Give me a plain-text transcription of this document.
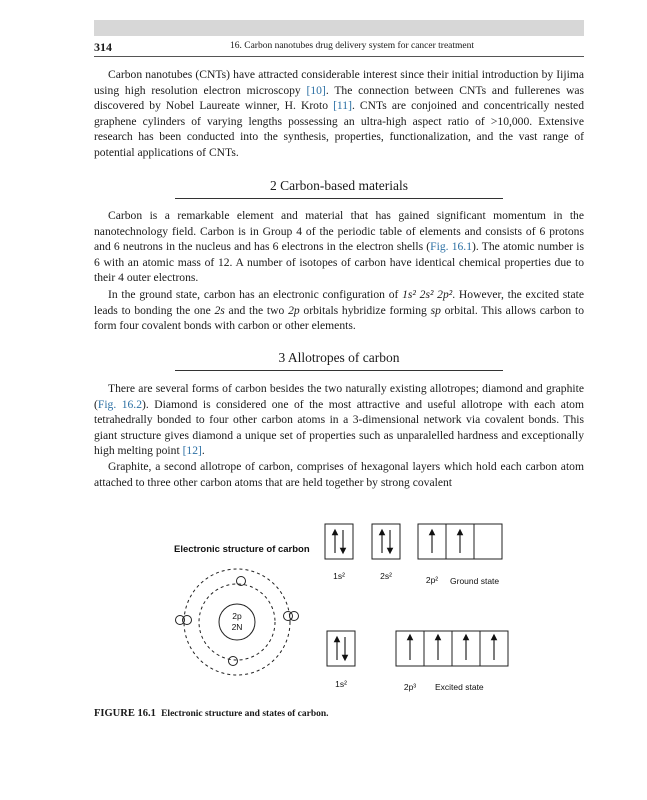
314	16. Carbon nanotubes drug delivery system for cancer treatment
Carbon nanotubes (CNTs) have attracted considerable interest since their initial introduction by Iijima using high resolution electron microscopy [10]. The connection between CNTs and fullerenes was discovered by Nobel Laureate winner, H. Kroto [11]. CNTs are conjoined and concentrically nested graphene cylinders of varying lengths possessing an ultra-high aspect ratio of >10,000. Extensive research has been conducted into the synthesis, properties, functionalization, and the vast range of potential applications of CNTs.
2 Carbon-based materials
Carbon is a remarkable element and material that has gained significant momentum in the nanotechnology field. Carbon is in Group 4 of the periodic table of elements and consists of 6 protons and 6 neutrons in the nucleus and has 6 electrons in the electron shells (Fig. 16.1). The atomic number is 6 with an atomic mass of 12. A number of isotopes of carbon have identical chemical properties due to their 4 outer electrons.
In the ground state, carbon has an electronic configuration of 1s² 2s² 2p². However, the excited state leads to bonding the one 2s and the two 2p orbitals hybridize forming sp orbital. This allows carbon to form four covalent bonds with carbon or other elements.
3 Allotropes of carbon
There are several forms of carbon besides the two naturally existing allotropes; diamond and graphite (Fig. 16.2). Diamond is considered one of the most attractive and useful allotrope with each atom tetrahedrally bonded to four other carbon atoms in a 3-dimensional network via covalent bonds. This giant structure gives diamond a unique set of properties such as unparalelled hardness and exceptionally high melting point [12].
Graphite, a second allotrope of carbon, comprises of hexagonal layers which hold each carbon atom attached to three other carbon atoms that are held together by strong covalent
Electronic structure of carbon
2p
2N
1s²	2s²	2p² Ground state
1s²	2p³ Excited state
FIGURE 16.1 Electronic structure and states of carbon.
